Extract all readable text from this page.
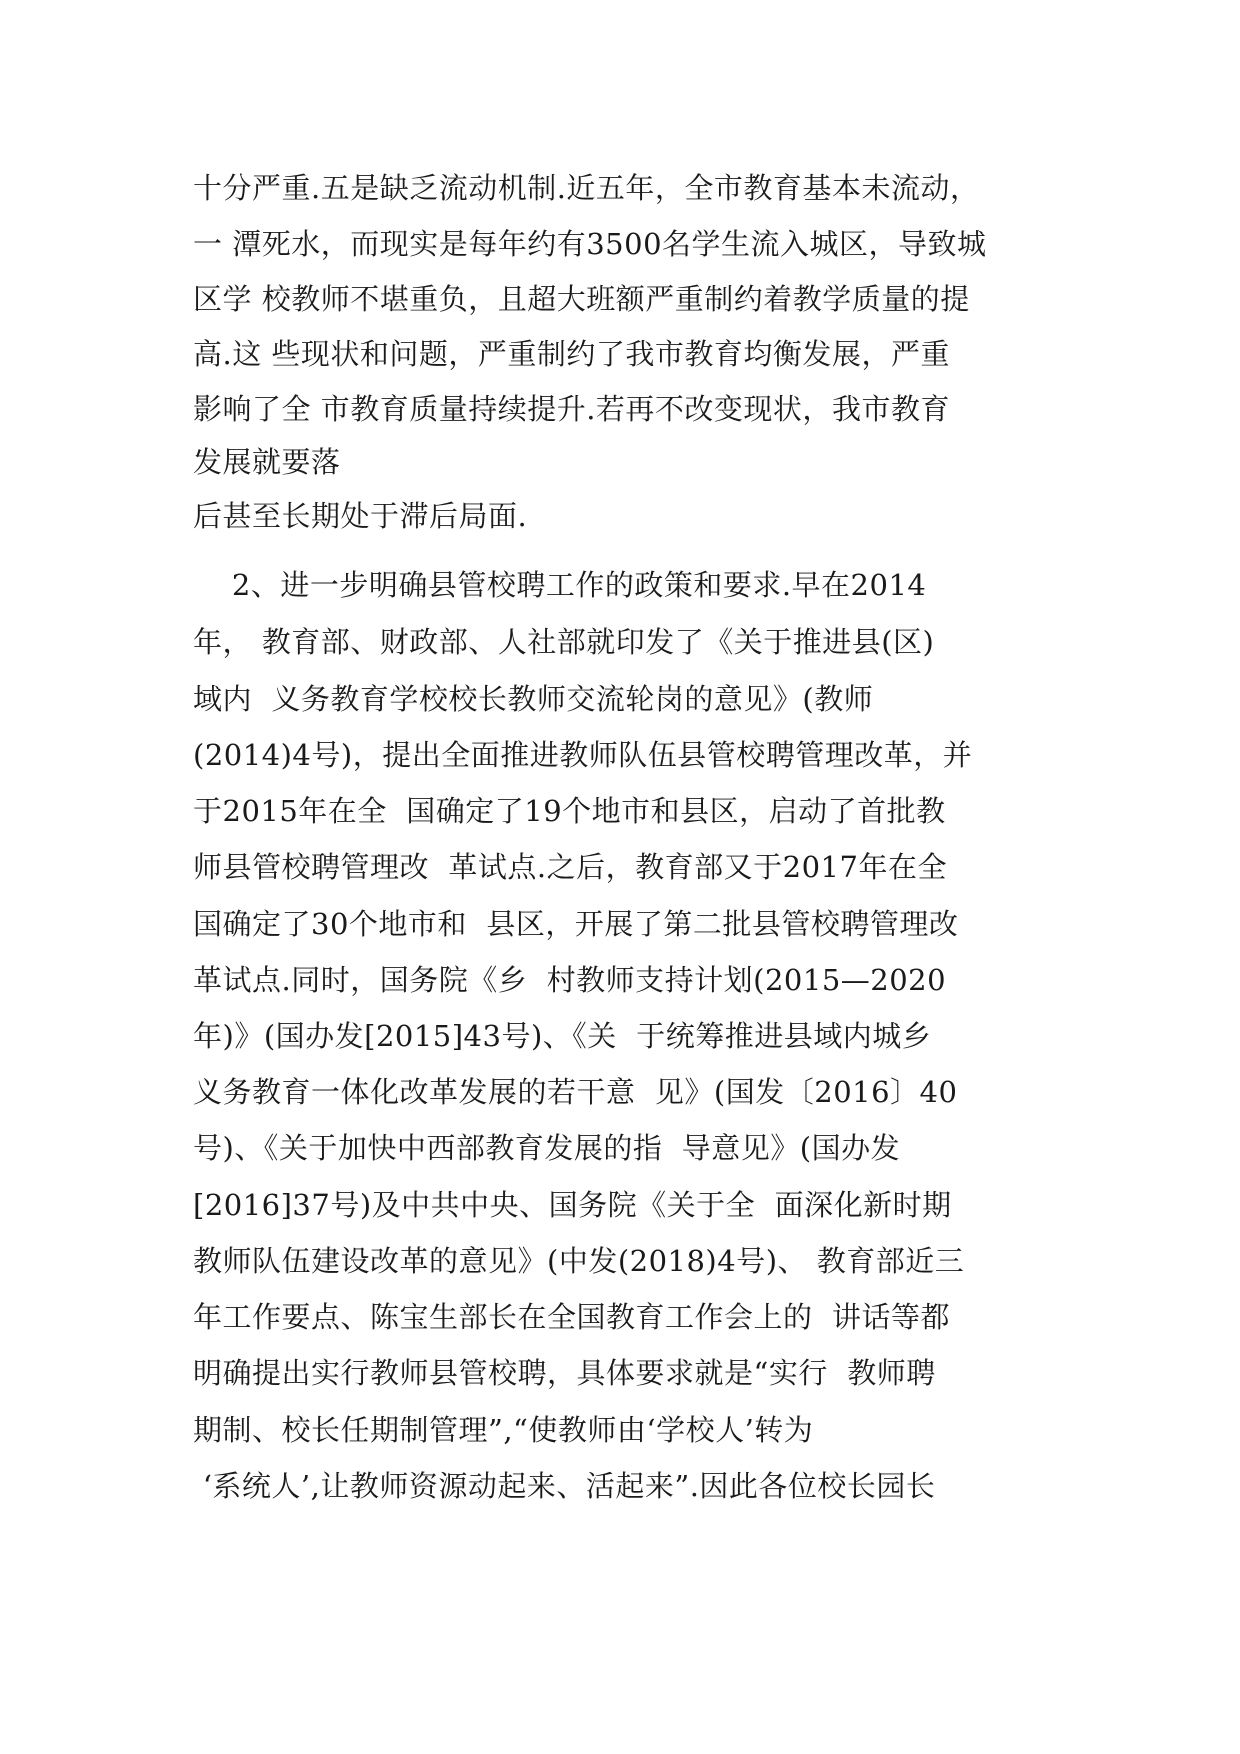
十分严重.五是缺乏流动机制.近五年，全市教育基本未流动，
一 潭死水，而现实是每年约有3500名学生流入城区，导致城
区学 校教师不堪重负，且超大班额严重制约着教学质量的提
高.这 些现状和问题，严重制约了我市教育均衡发展，严重
影响了全 市教育质量持续提升.若再不改变现状，我市教育
发展就要落
后甚至长期处于滞后局面.
2、进一步明确县管校聘工作的政策和要求.早在2014
年， 教育部、财政部、人社部就印发了《关于推进县(区)
域内  义务教育学校校长教师交流轮岗的意见》(教师
(2014)4号)，提出全面推进教师队伍县管校聘管理改革，并
于2015年在全  国确定了19个地市和县区，启动了首批教
师县管校聘管理改  革试点.之后，教育部又于2017年在全
国确定了30个地市和  县区，开展了第二批县管校聘管理改
革试点.同时，国务院《乡  村教师支持计划(2015—2020
年)》(国办发[2015]43号)、《关  于统筹推进县域内城乡
义务教育一体化改革发展的若干意  见》(国发〔2016〕40
号)、《关于加快中西部教育发展的指  导意见》(国办发
[2016]37号)及中共中央、国务院《关于全  面深化新时期
教师队伍建设改革的意见》(中发(2018)4号)、 教育部近三
年工作要点、陈宝生部长在全国教育工作会上的  讲话等都
明确提出实行教师县管校聘，具体要求就是“实行  教师聘
期制、校长任期制管理”,“使教师由‘学校人’转为
‘系统人’,让教师资源动起来、活起来”.因此各位校长园长
